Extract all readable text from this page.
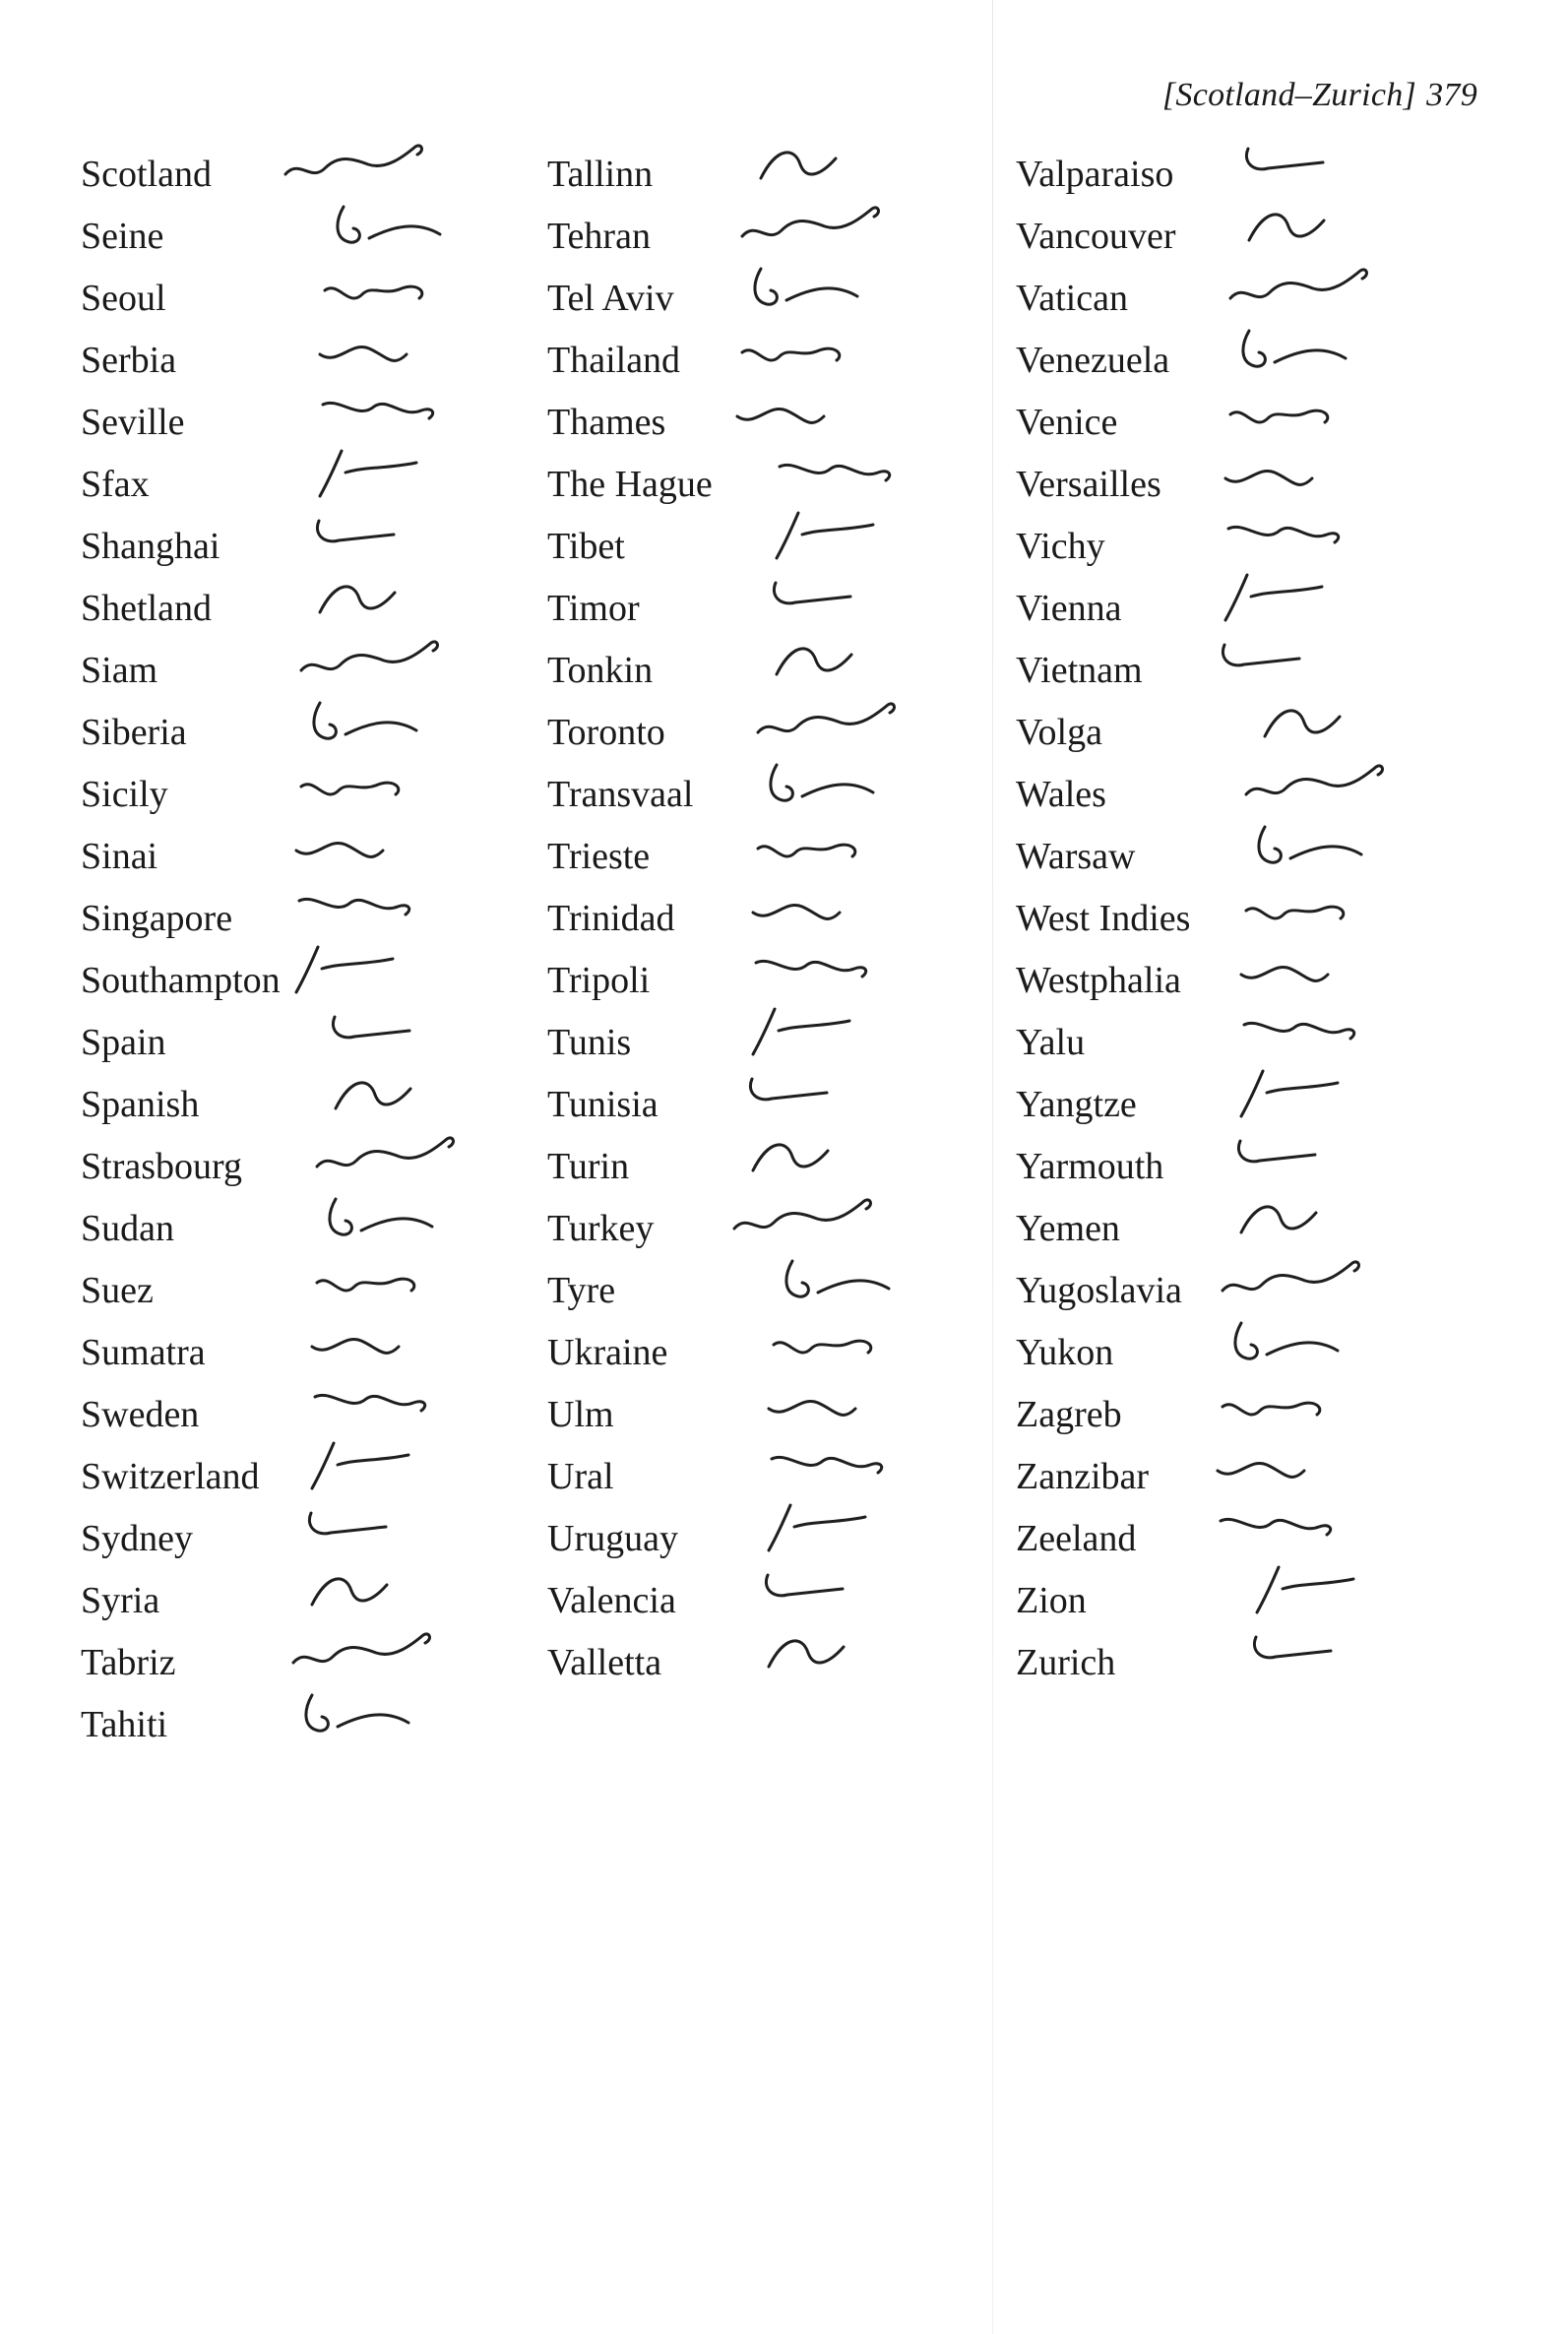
[Scotland–Zurich] 379
Scotland
Seine
Seoul
Serbia
Seville
Sfax
Shanghai
Shetland
Siam
Siberia
Sicily
Sinai
Singapore
Southampton
Spain
Spanish
Strasbourg
Sudan
Suez
Sumatra
Sweden
Switzerland
Sydney
Syria
Tabriz
Tahiti
Tallinn
Tehran
Tel Aviv
Thailand
Thames
The Hague
Tibet
Timor
Tonkin
Toronto
Transvaal
Trieste
Trinidad
Tripoli
Tunis
Tunisia
Turin
Turkey
Tyre
Ukraine
Ulm
Ural
Uruguay
Valencia
Valletta
Valparaiso
Vancouver
Vatican
Venezuela
Venice
Versailles
Vichy
Vienna
Vietnam
Volga
Wales
Warsaw
West Indies
Westphalia
Yalu
Yangtze
Yarmouth
Yemen
Yugoslavia
Yukon
Zagreb
Zanzibar
Zeeland
Zion
Zurich
